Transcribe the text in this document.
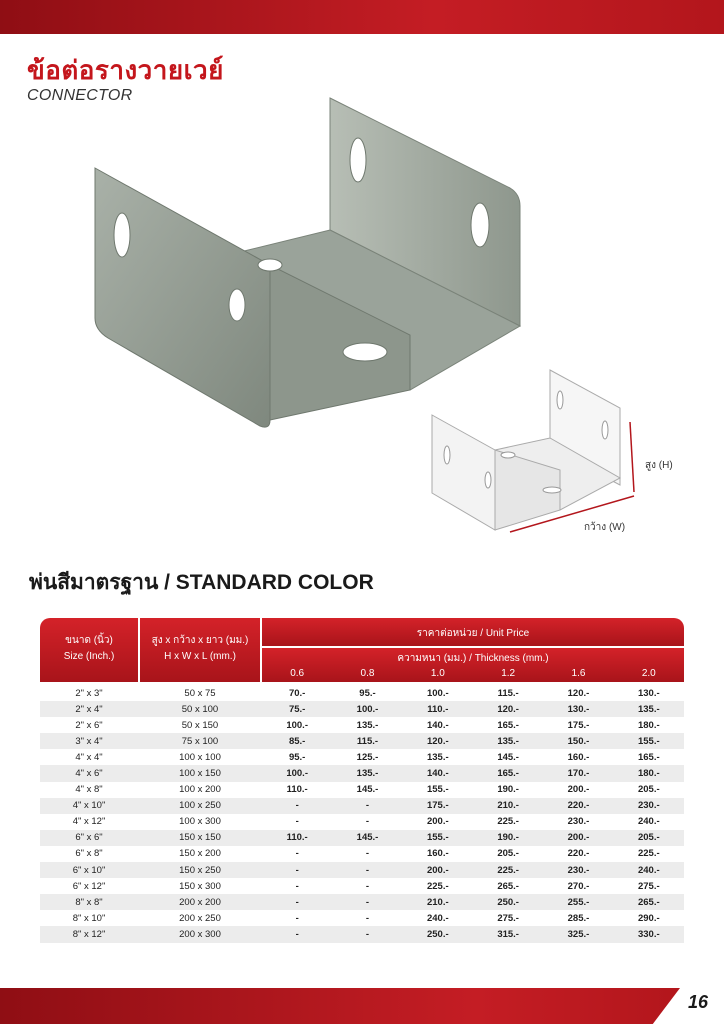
ข้อต่อรางวายเวย์
CONNECTOR
สูง (H)
กว้าง (W)
พ่นสีมาตรฐาน / STANDARD COLOR
ขนาด (นิ้ว)
Size (Inch.)
สูง x กว้าง x ยาว (มม.)
H x W x L (mm.)
ราคาต่อหน่วย / Unit Price
ความหนา (มม.) / Thickness (mm.)
0.6	0.8	1.0	1.2	1.6	2.0
2" x 3"	50 x 75	70.-	95.-	100.-	115.-	120.-	130.-
2" x 4"	50 x 100	75.-	100.-	110.-	120.-	130.-	135.-
2" x 6"	50 x 150	100.-	135.-	140.-	165.-	175.-	180.-
3" x 4"	75 x 100	85.-	115.-	120.-	135.-	150.-	155.-
4" x 4"	100 x 100	95.-	125.-	135.-	145.-	160.-	165.-
4" x 6"	100 x 150	100.-	135.-	140.-	165.-	170.-	180.-
4" x 8"	100 x 200	110.-	145.-	155.-	190.-	200.-	205.-
4" x 10"	100 x 250	-	-	175.-	210.-	220.-	230.-
4" x 12"	100 x 300	-	-	200.-	225.-	230.-	240.-
6" x 6"	150 x 150	110.-	145.-	155.-	190.-	200.-	205.-
6" x 8"	150 x 200	-	-	160.-	205.-	220.-	225.-
6" x 10"	150 x 250	-	-	200.-	225.-	230.-	240.-
6" x 12"	150 x 300	-	-	225.-	265.-	270.-	275.-
8" x 8"	200 x 200	-	-	210.-	250.-	255.-	265.-
8" x 10"	200 x 250	-	-	240.-	275.-	285.-	290.-
8" x 12"	200 x 300	-	-	250.-	315.-	325.-	330.-
16
